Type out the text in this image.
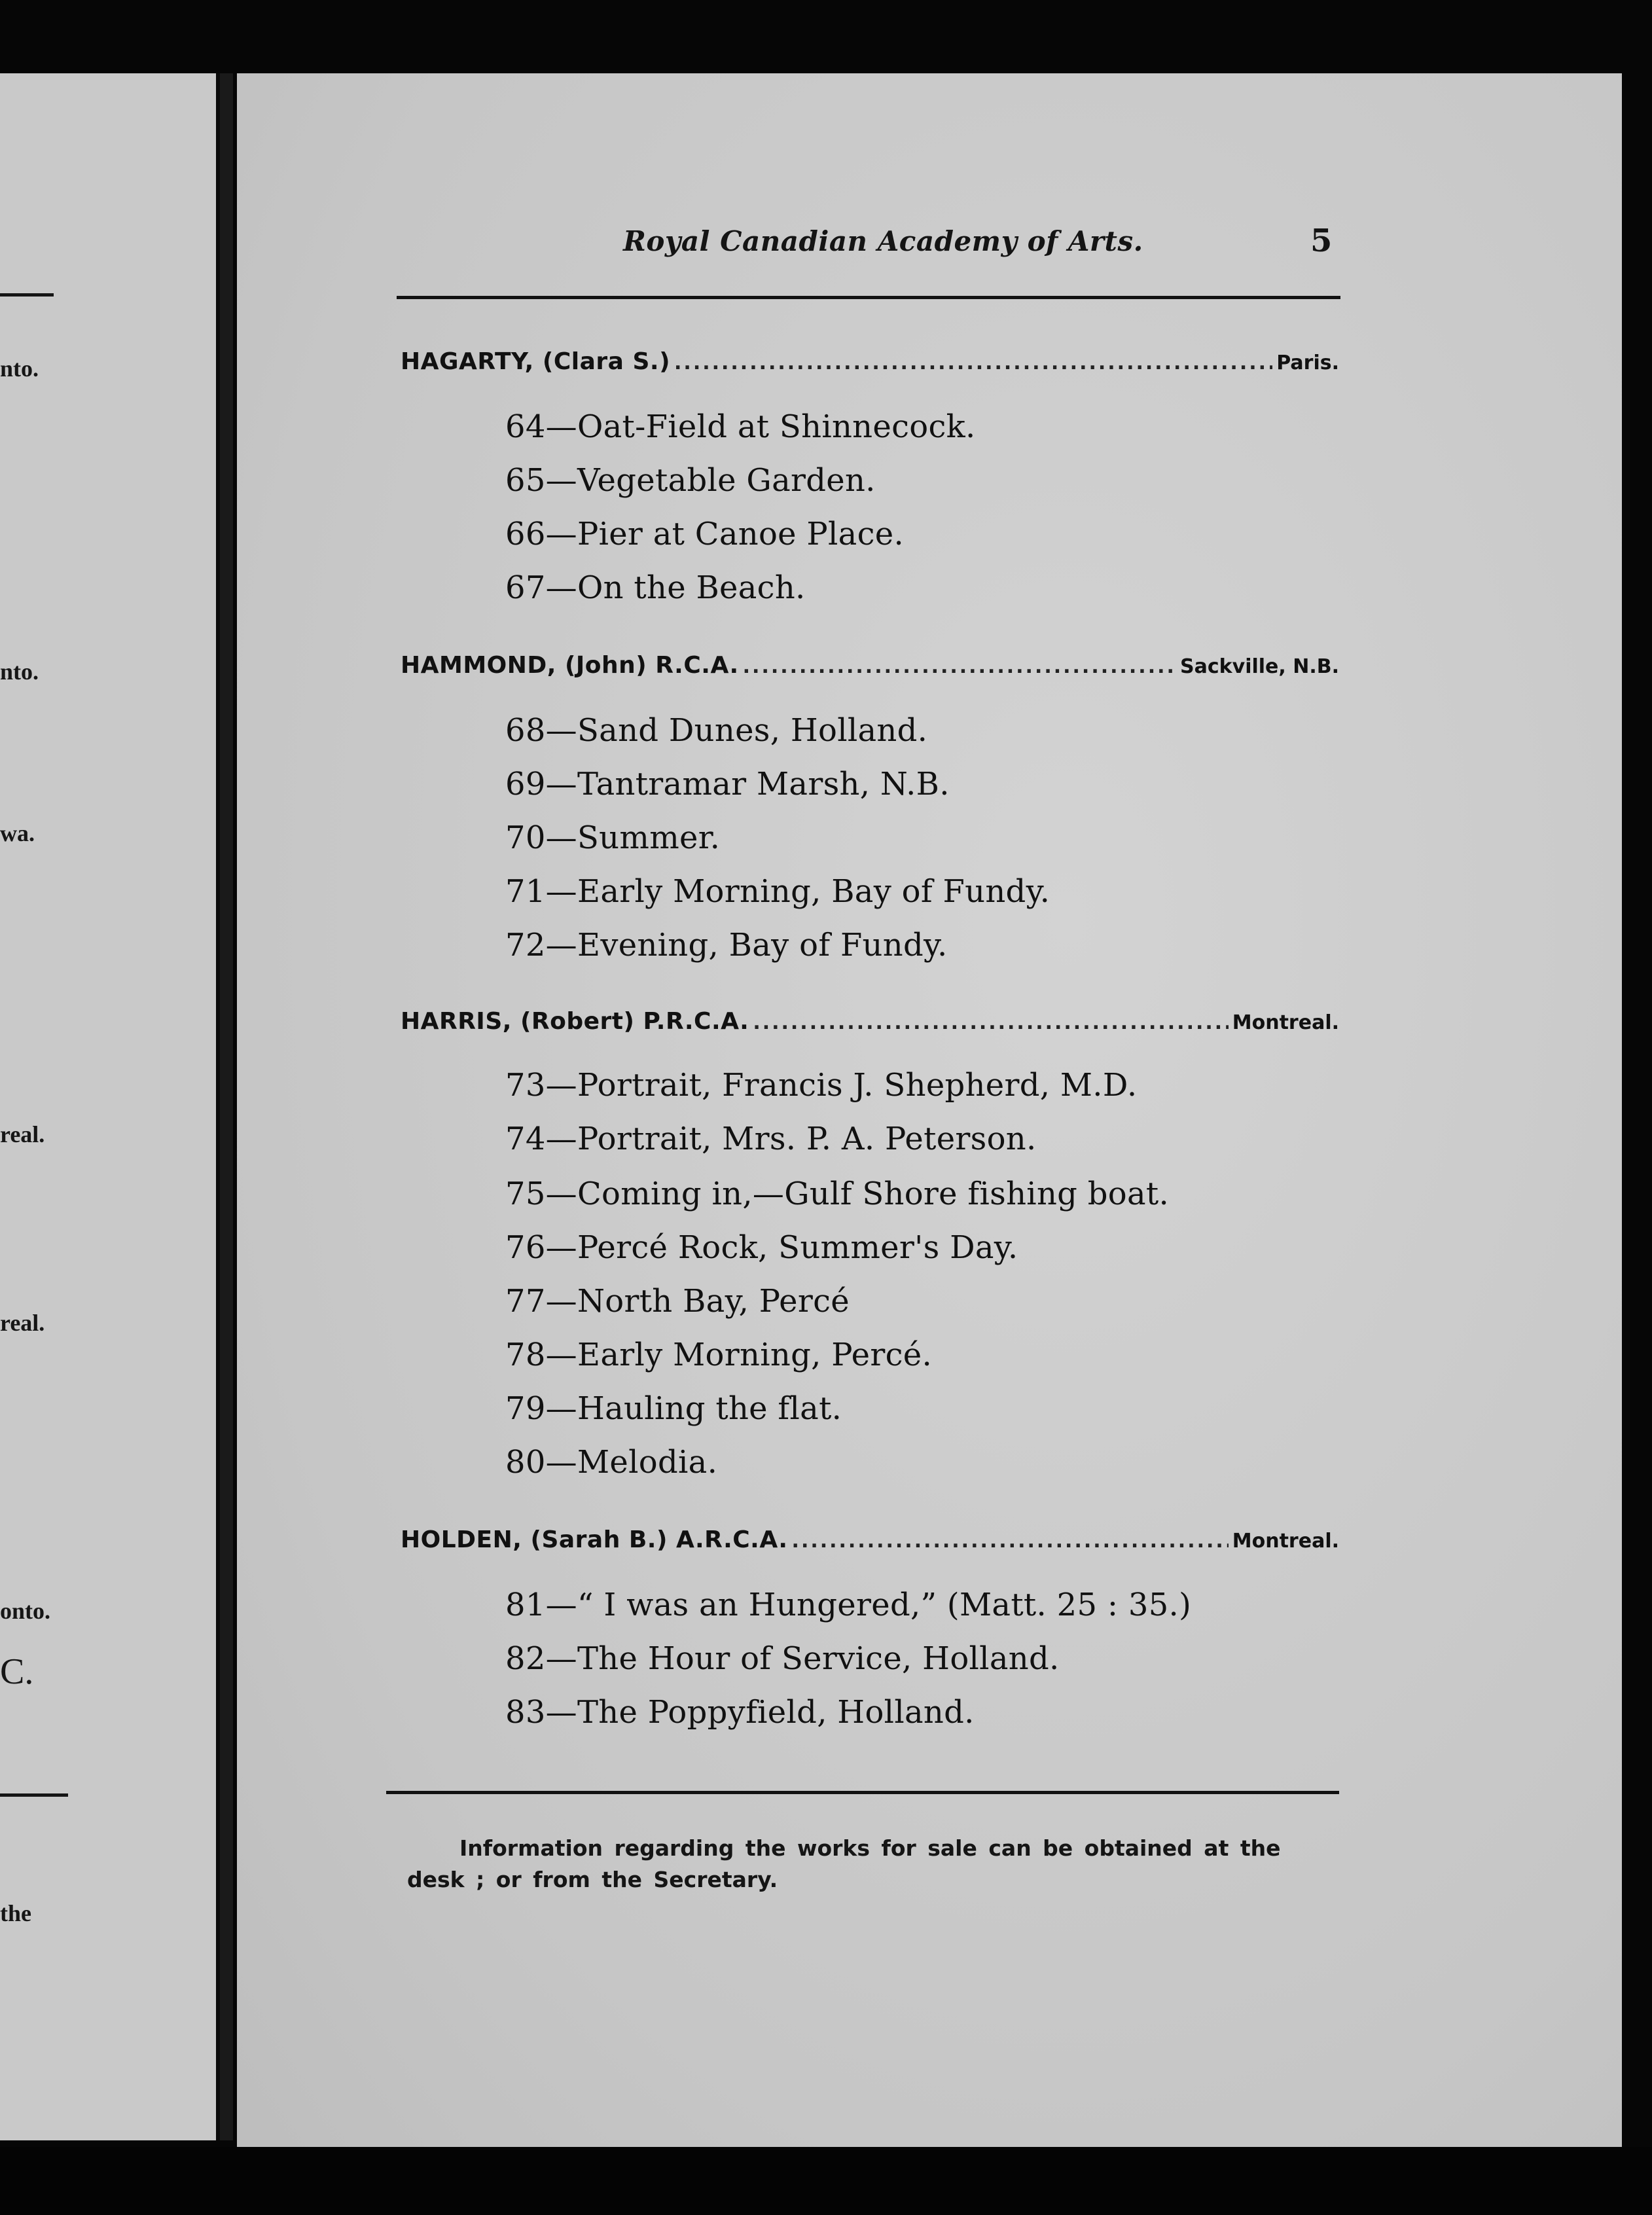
nto.
nto.
wa.
real.
real.
onto.
C.
the
Royal Canadian Academy of Arts.	5
HAGARTY, (Clara S.) .....	Paris.
64—Oat-Field at Shinnecock.
65—Vegetable Garden.
66—Pier at Canoe Place.
67—On the Beach.
HAMMOND, (John) R.C.A. .....	Sackville, N.B.
68—Sand Dunes, Holland.
69—Tantramar Marsh, N.B.
70—Summer.
71—Early Morning, Bay of Fundy.
72—Evening, Bay of Fundy.
HARRIS, (Robert) P.R.C.A. .....	Montreal.
73—Portrait, Francis J. Shepherd, M.D.
74—Portrait, Mrs. P. A. Peterson.
75—Coming in,—Gulf Shore fishing boat.
76—Percé Rock, Summer's Day.
77—North Bay, Percé
78—Early Morning, Percé.
79—Hauling the flat.
80—Melodia.
HOLDEN, (Sarah B.) A.R.C.A. .....	Montreal.
81—“ I was an Hungered,” (Matt. 25 : 35.)
82—The Hour of Service, Holland.
83—The Poppyfield, Holland.

Information regarding the works for sale can be obtained at the desk ; or from the Secretary.
